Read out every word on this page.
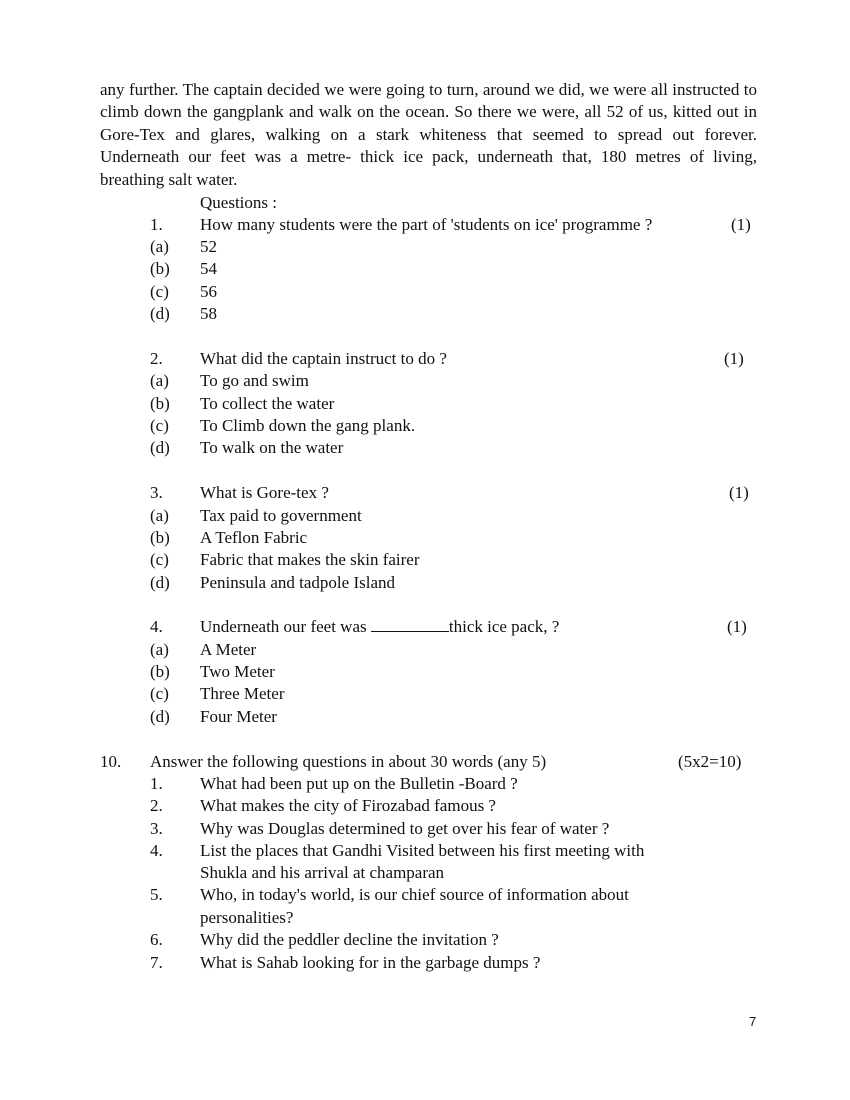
any further. The captain decided we were going to turn, around we did, we were all instructed to climb down the gangplank and walk on the ocean. So there we were, all 52 of us, kitted out in Gore-Tex and glares, walking on a stark whiteness that seemed to spread out forever. Underneath our feet was a metre- thick ice pack, underneath that, 180 metres of living, breathing salt water.

Questions :
1. How many students were the part of 'students on ice' programme ?	(1)
(a) 52
(b) 54
(c) 56
(d) 58
2. What did the captain instruct to do ?	(1)
(a) To go and swim
(b) To collect the water
(c) To Climb down the gang plank.
(d) To walk on the water
3. What is Gore-tex ?	(1)
(a) Tax paid to government
(b) A Teflon Fabric
(c) Fabric that makes the skin fairer
(d) Peninsula and tadpole Island
4. Underneath our feet was	thick ice pack, ?	(1)
(a) A Meter
(b) Two Meter
(c) Three Meter
(d) Four Meter
10. Answer the following questions in about 30 words (any 5)	(5x2=10)
1. What had been put up on the Bulletin -Board ?
2. What makes the city of Firozabad famous ?
3. Why was Douglas determined to get over his fear of water ?
4. List the places that Gandhi Visited between his first meeting with
Shukla and his arrival at champaran
5. Who, in today's world, is our chief source of information about
personalities?
6. Why did the peddler decline the invitation ?
7. What is Sahab looking for in the garbage dumps ?
7
